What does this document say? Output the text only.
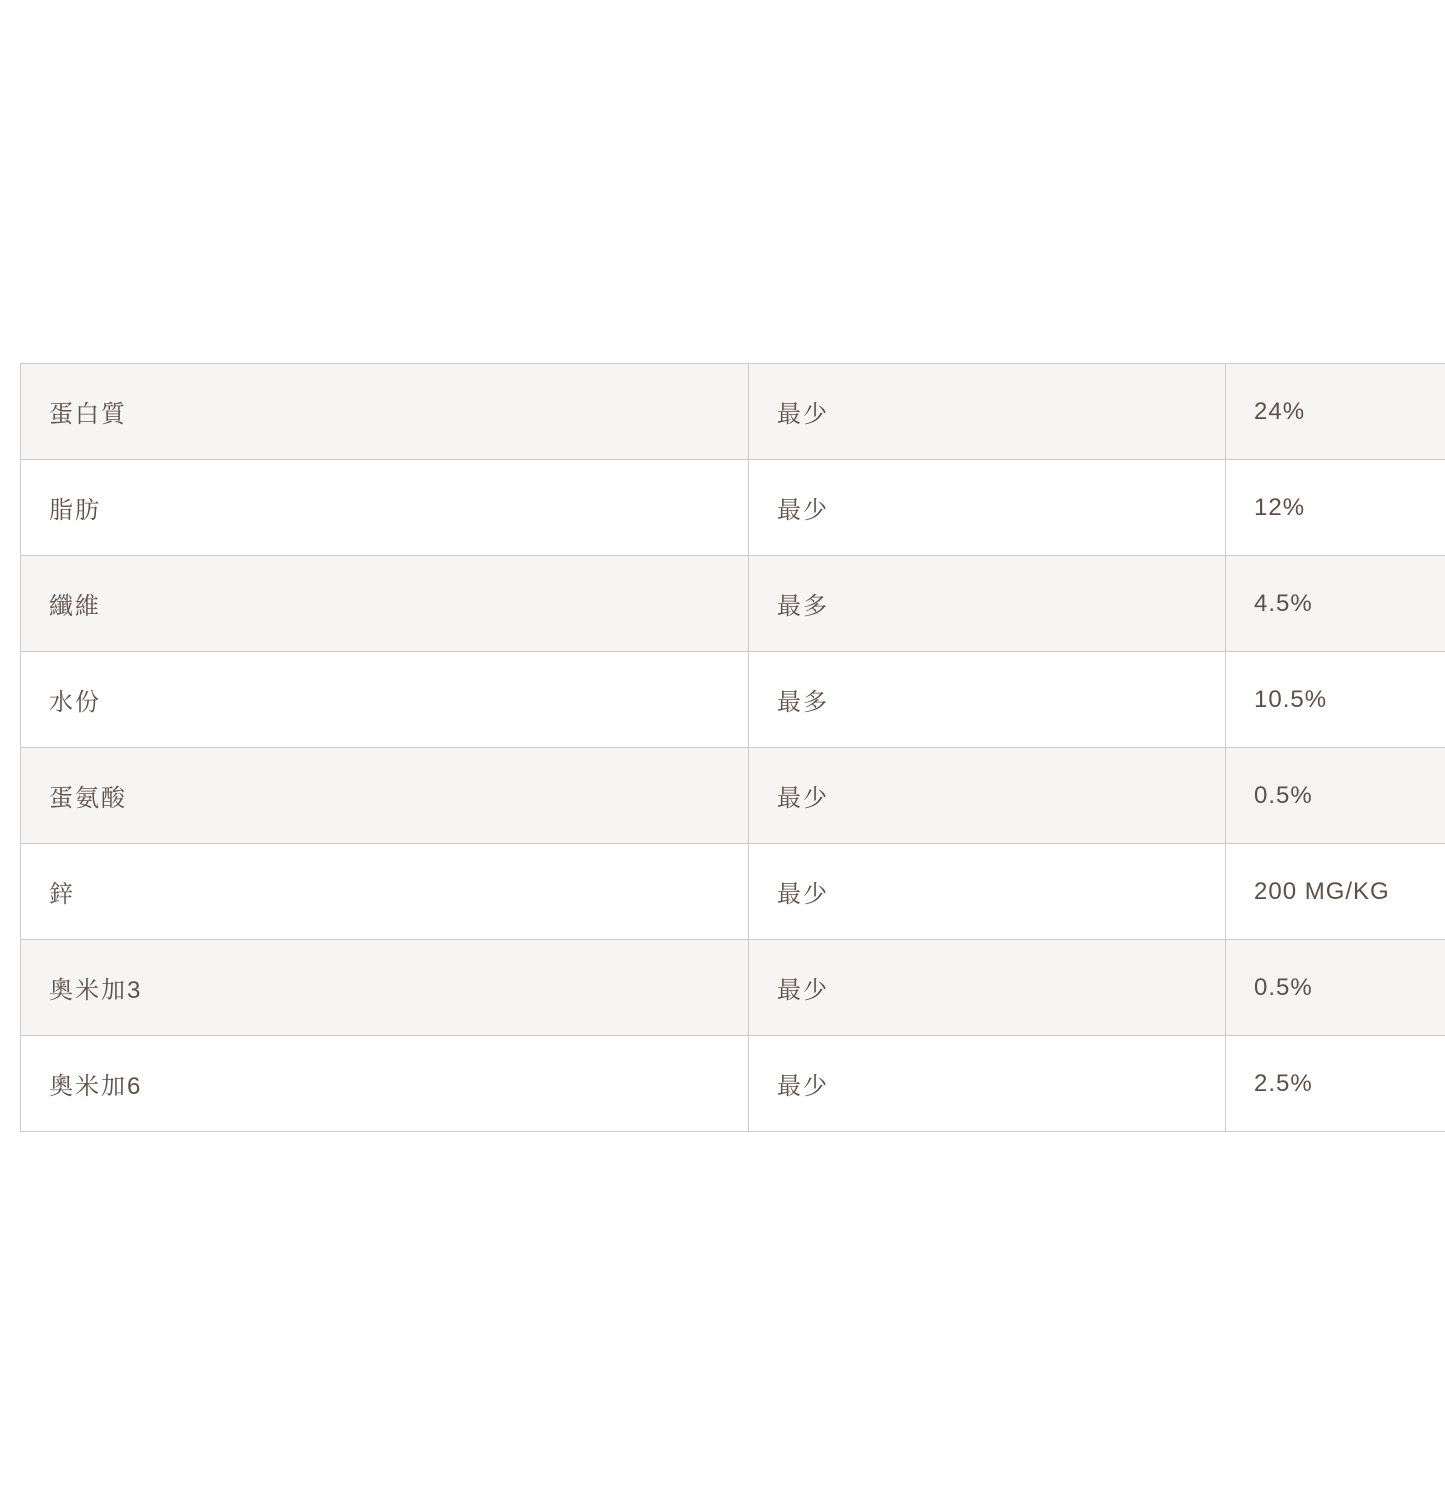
蛋白質	最少	24%
脂肪	最少	12%
纖維	最多	4.5%
水份	最多	10.5%
蛋氨酸	最少	0.5%
鋅	最少	200 MG/KG
奧米加3	最少	0.5%
奧米加6	最少	2.5%
